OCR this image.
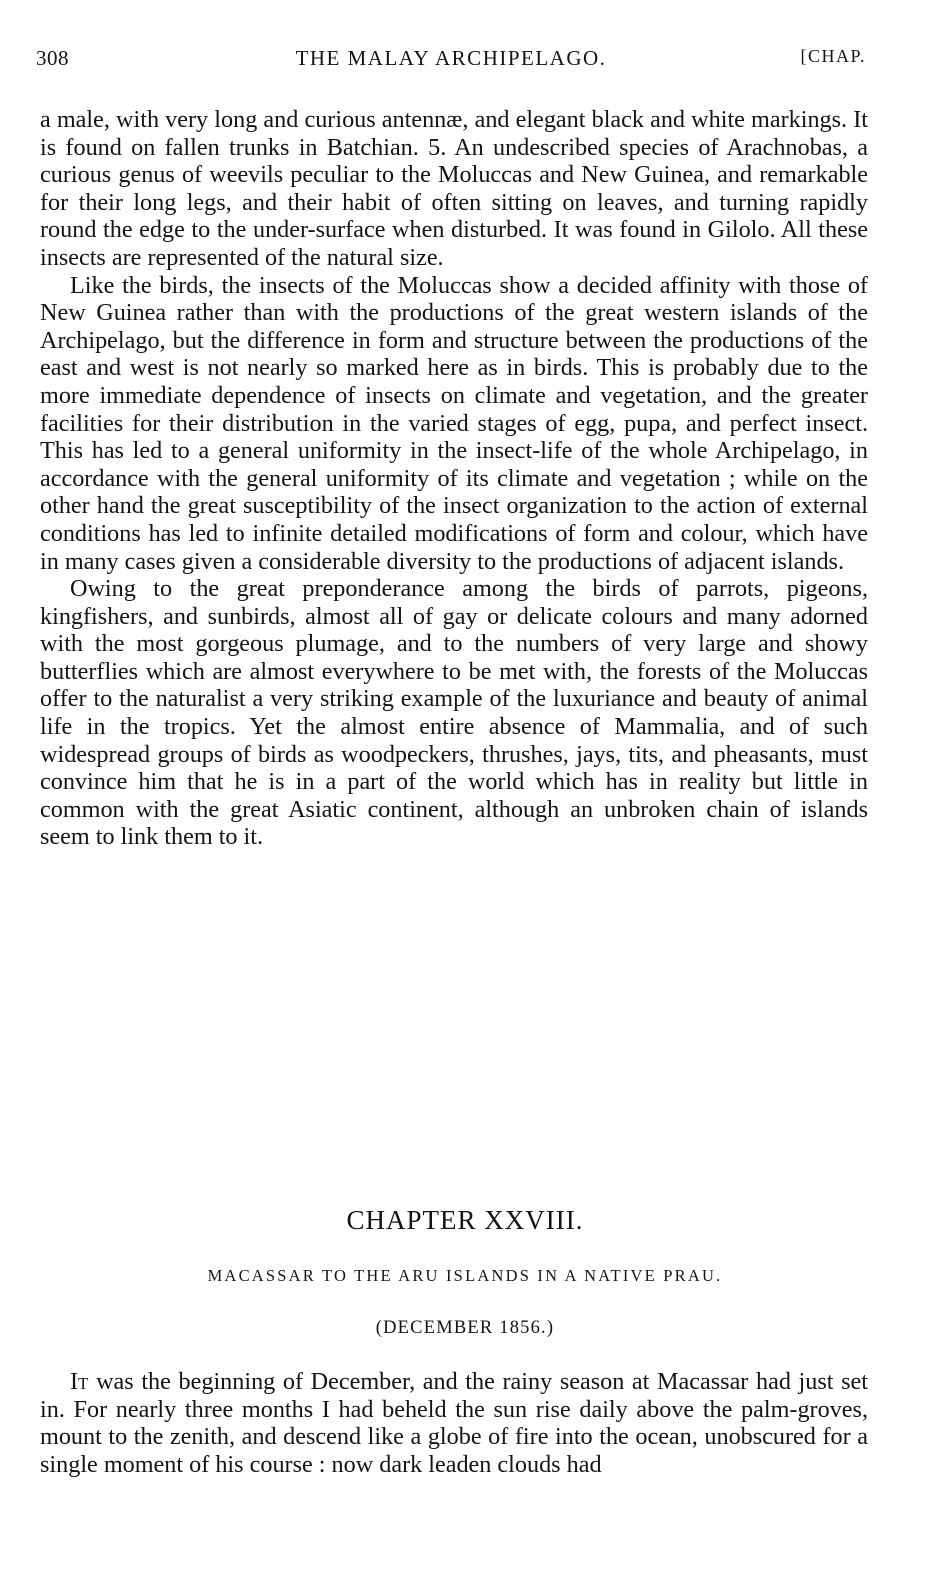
308	THE MALAY ARCHIPELAGO.	[CHAP.

a male, with very long and curious antennæ, and elegant black and white markings. It is found on fallen trunks in Batchian. 5. An undescribed species of Arachnobas, a curious genus of weevils peculiar to the Moluccas and New Guinea, and remarkable for their long legs, and their habit of often sitting on leaves, and turning rapidly round the edge to the under-surface when disturbed. It was found in Gilolo. All these insects are represented of the natural size.

Like the birds, the insects of the Moluccas show a decided affinity with those of New Guinea rather than with the productions of the great western islands of the Archipelago, but the difference in form and structure between the productions of the east and west is not nearly so marked here as in birds. This is probably due to the more immediate dependence of insects on climate and vegetation, and the greater facilities for their distribution in the varied stages of egg, pupa, and perfect insect. This has led to a general uniformity in the insect-life of the whole Archipelago, in accordance with the general uniformity of its climate and vegetation ; while on the other hand the great susceptibility of the insect organization to the action of external conditions has led to infinite detailed modifications of form and colour, which have in many cases given a considerable diversity to the productions of adjacent islands.

Owing to the great preponderance among the birds of parrots, pigeons, kingfishers, and sunbirds, almost all of gay or delicate colours and many adorned with the most gorgeous plumage, and to the numbers of very large and showy butterflies which are almost everywhere to be met with, the forests of the Moluccas offer to the naturalist a very striking example of the luxuriance and beauty of animal life in the tropics. Yet the almost entire absence of Mammalia, and of such widespread groups of birds as woodpeckers, thrushes, jays, tits, and pheasants, must convince him that he is in a part of the world which has in reality but little in common with the great Asiatic continent, although an unbroken chain of islands seem to link them to it.

CHAPTER XXVIII.
MACASSAR TO THE ARU ISLANDS IN A NATIVE PRAU.
(DECEMBER 1856.)

It was the beginning of December, and the rainy season at Macassar had just set in. For nearly three months I had beheld the sun rise daily above the palm-groves, mount to the zenith, and descend like a globe of fire into the ocean, unobscured for a single moment of his course : now dark leaden clouds had
